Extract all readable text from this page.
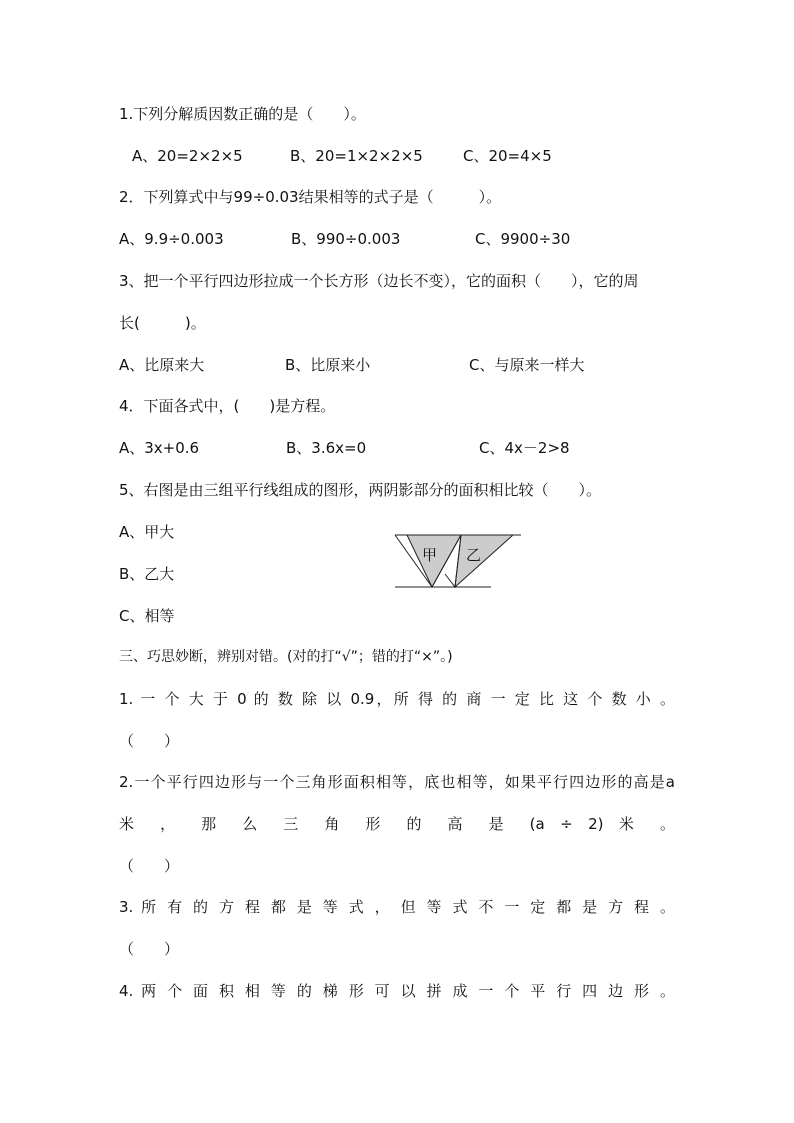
1.下列分解质因数正确的是（　　）。
A、20=2×2×5	B、20=1×2×2×5	C、20=4×5
2．下列算式中与99÷0.03结果相等的式子是（　　　）。
A、9.9÷0.003	B、990÷0.003	C、9900÷30
3、把一个平行四边形拉成一个长方形（边长不变），它的面积（　　），它的周
长(　　　)。
A、比原来大	B、比原来小	C、与原来一样大
4．下面各式中，(　　)是方程。
A、3x+0.6	B、3.6x=0	C、4x－2>8
5、右图是由三组平行线组成的图形，两阴影部分的面积相比较（　　）。
A、甲大
B、乙大
C、相等
甲 乙
三、巧思妙断，辨别对错。(对的打“√”；错的打“×”。)
1. 一 个 大 于 0 的 数 除 以 0.9，所 得 的 商 一 定 比 这 个 数 小 。
（　　）
2.一个平行四边形与一个三角形面积相等，底也相等，如果平行四边形的高是a
米 ， 那 么 三 角 形 的 高 是 (a ÷ 2) 米 。
（　　）
3. 所 有 的 方 程 都 是 等 式 ， 但 等 式 不 一 定 都 是 方 程 。
（　　）
4. 两 个 面 积 相 等 的 梯 形 可 以 拼 成 一 个 平 行 四 边 形 。
